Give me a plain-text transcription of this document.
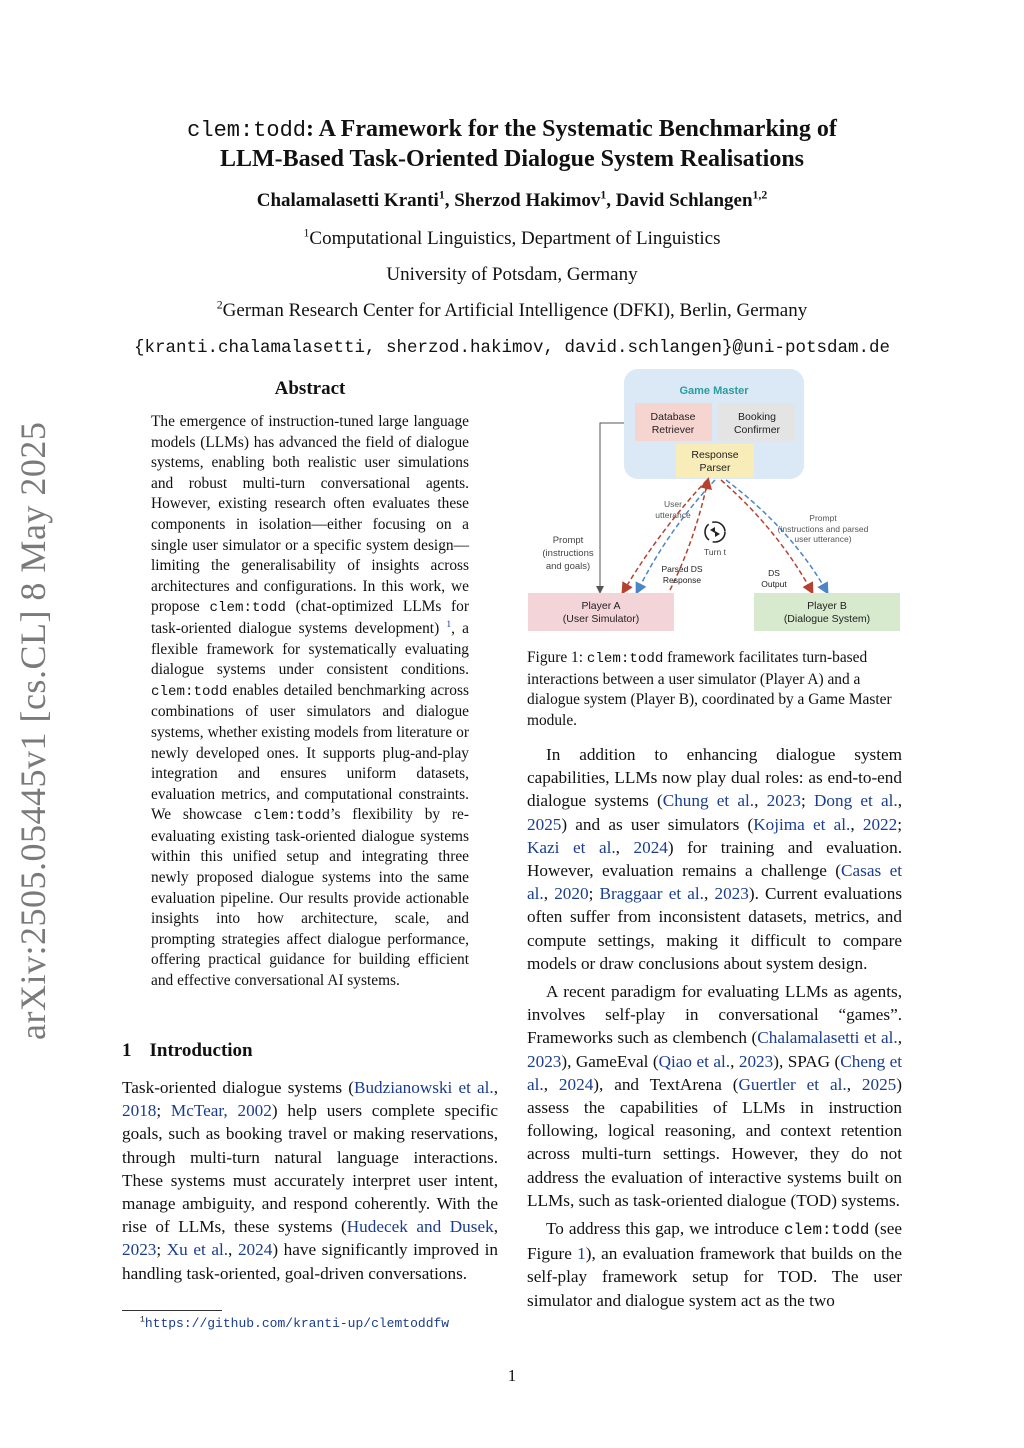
arXiv:2505.05445v1 [cs.CL] 8 May 2025
clem:todd: A Framework for the Systematic Benchmarking of
LLM-Based Task-Oriented Dialogue System Realisations
Chalamalasetti Kranti$^1$, Sherzod Hakimov$^1$, David Schlangen$^{1,2}$
$^1$Computational Linguistics, Department of Linguistics
University of Potsdam, Germany
$^2$German Research Center for Artificial Intelligence (DFKI), Berlin, Germany
{kranti.chalamalasetti, sherzod.hakimov, david.schlangen}@uni-potsdam.de
Abstract
The emergence of instruction-tuned large language models (LLMs) has advanced the field of dialogue systems, enabling both realistic user simulations and robust multi-turn conversational agents. However, existing research often evaluates these components in isolation—either focusing on a single user simulator or a specific system design—limiting the generalisability of insights across architectures and configurations. In this work, we propose clem:todd (chat-optimized LLMs for task-oriented dialogue systems development) $^1$, a flexible framework for systematically evaluating dialogue systems under consistent conditions. clem:todd enables detailed benchmarking across combinations of user simulators and dialogue systems, whether existing models from literature or newly developed ones. It supports plug-and-play integration and ensures uniform datasets, evaluation metrics, and computational constraints. We showcase clem:todd’s flexibility by re-evaluating existing task-oriented dialogue systems within this unified setup and integrating three newly proposed dialogue systems into the same evaluation pipeline. Our results provide actionable insights into how architecture, scale, and prompting strategies affect dialogue performance, offering practical guidance for building efficient and effective conversational AI systems.
1 Introduction
Task-oriented dialogue systems (Budzianowski et al., 2018; McTear, 2002) help users complete specific goals, such as booking travel or making reservations, through multi-turn natural language interactions. These systems must accurately interpret user intent, manage ambiguity, and respond coherently. With the rise of LLMs, these systems (Hudecek and Dusek, 2023; Xu et al., 2024) have significantly improved in handling task-oriented, goal-driven conversations.
$^1$https://github.com/kranti-up/clemtoddfw
Game Master
Database
Retriever
Booking
Confirmer
Response
Parser
Prompt
(instructions
and goals)
User
utterance	Prompt
(instructions and parsed
user utterance)
Turn t
Parsed DS
Response
DS
Output
Player A
(User Simulator)
Player B
(Dialogue System)
Figure 1: clem:todd framework facilitates turn-based interactions between a user simulator (Player A) and a dialogue system (Player B), coordinated by a Game Master module.

In addition to enhancing dialogue system capabilities, LLMs now play dual roles: as end-to-end dialogue systems (Chung et al., 2023; Dong et al., 2025) and as user simulators (Kojima et al., 2022; Kazi et al., 2024) for training and evaluation. However, evaluation remains a challenge (Casas et al., 2020; Braggaar et al., 2023). Current evaluations often suffer from inconsistent datasets, metrics, and compute settings, making it difficult to compare models or draw conclusions about system design.

A recent paradigm for evaluating LLMs as agents, involves self-play in conversational “games”. Frameworks such as clembench (Chalamalasetti et al., 2023), GameEval (Qiao et al., 2023), SPAG (Cheng et al., 2024), and TextArena (Guertler et al., 2025) assess the capabilities of LLMs in instruction following, logical reasoning, and context retention across multi-turn settings. However, they do not address the evaluation of interactive systems built on LLMs, such as task-oriented dialogue (TOD) systems.

To address this gap, we introduce clem:todd (see Figure 1), an evaluation framework that builds on the self-play framework setup for TOD. The user simulator and dialogue system act as the two

1
